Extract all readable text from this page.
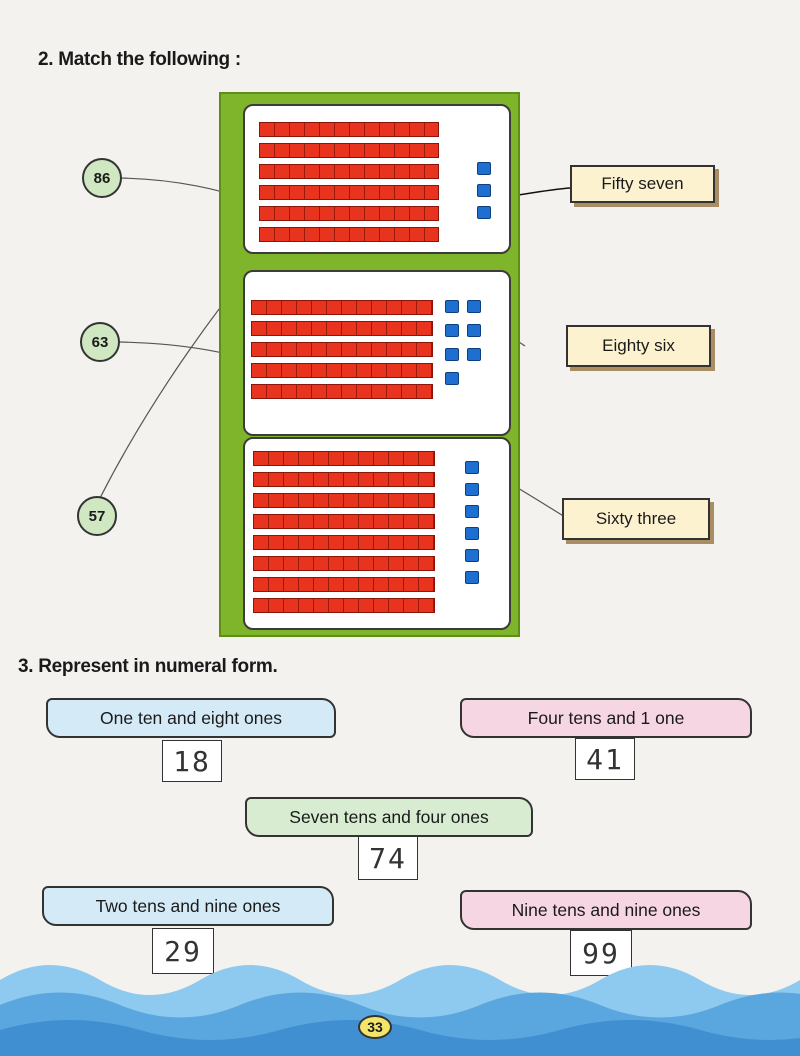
2. Match the following :
86
63
57
Fifty seven
Eighty six
Sixty three
3. Represent in numeral form.
One ten and eight ones
18
Four tens and 1 one
41
Seven tens and four ones
74
Two tens and nine ones
29
Nine tens and nine ones
99
33
